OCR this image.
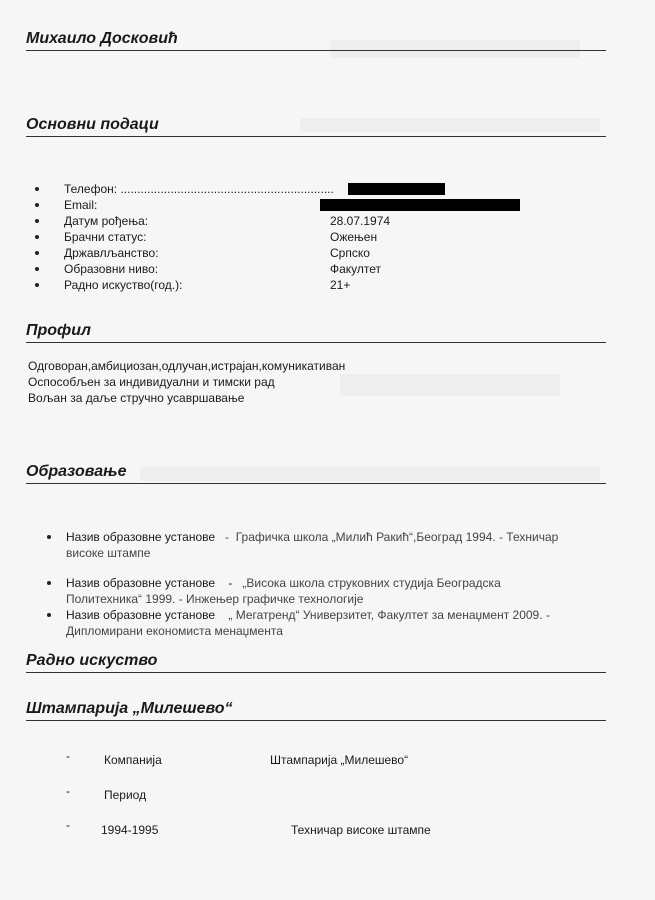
Михаило Досковић
Основни подаци
Телефон: ................................................................
Email:
Датум рођења:	28.07.1974
Брачни статус:	Ожењен
Државлљанство:	Српско
Образовни ниво:	Факултет
Радно искуство(год.):	21+
Профил
Одговоран,амбициозан,одлучан,истрајан,комуникативан
Оспособљен за индивидуални и тимски рад
Вољан за даље стручно усавршавање
Образовање
Назив образовне установе   -  Графичка школа „Милић Ракић“,Београд 1994. - Техничар
високе штампе
Назив образовне установе    -   „Висока школа струковних студија Београдска
Политехника“ 1999. - Инжењер графичке технологије
Назив образовне установе „ Мегатренд“ Универзитет, Факултет за менаџмент 2009. -
Дипломирани економиста менаџмента
Радно искуство
Штампарија „Милешево“
-	Компанија	Штампарија „Милешево“
-	Период
-	1994-1995	Техничар високе штампе
